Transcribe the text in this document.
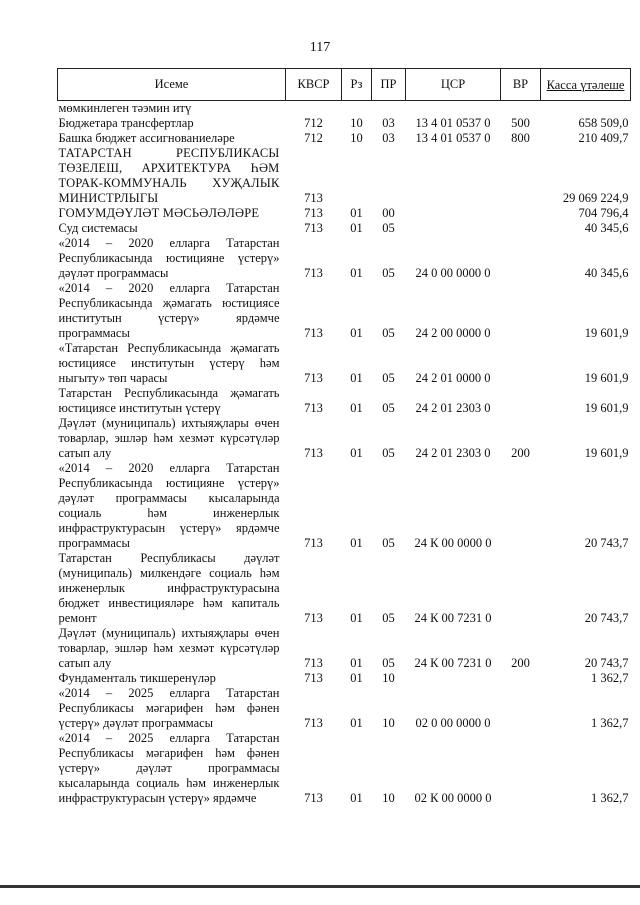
117
Исеме	КВСР	Рз	ПР	ЦСР	ВР	Касса үтәлеше
мөмкинлеген тәэмин итү						
Бюджетара трансфертлар	712	10	03	13 4 01 0537 0	500	658 509,0
Башка бюджет ассигнованиеләре	712	10	03	13 4 01 0537 0	800	210 409,7
ТАТАРСТАН РЕСПУБЛИКАСЫ ТӨЗЕЛЕШ, АРХИТЕКТУРА ҺӘМ ТОРАК-КОММУНАЛЬ ХУҖАЛЫК МИНИСТРЛЫГЫ	713					29 069 224,9
ГОМУМДӘҮЛӘТ МӘСЬӘЛӘЛӘРЕ	713	01	00			704 796,4
Суд системасы	713	01	05			40 345,6
«2014 – 2020 елларга Татарстан Республикасында юстицияне үстерү» дәүләт программасы	713	01	05	24 0 00 0000 0		40 345,6
«2014 – 2020 елларга Татарстан Республикасында җәмагать юстициясе институтын үстерү» ярдәмче программасы	713	01	05	24 2 00 0000 0		19 601,9
«Татарстан Республикасында җәмагать юстициясе институтын үстерү һәм ныгыту» төп чарасы	713	01	05	24 2 01 0000 0		19 601,9
Татарстан Республикасында җәмагать юстициясе институтын үстерү	713	01	05	24 2 01 2303 0		19 601,9
Дәүләт (муниципаль) ихтыяҗлары өчен товарлар, эшләр һәм хезмәт күрсәтүләр сатып алу	713	01	05	24 2 01 2303 0	200	19 601,9
«2014 – 2020 елларга Татарстан Республикасында юстицияне үстерү» дәүләт программасы кысаларында социаль һәм инженерлык инфраструктурасын үстерү» ярдәмче программасы	713	01	05	24 К 00 0000 0		20 743,7
Татарстан Республикасы дәүләт (муниципаль) милкендәге социаль һәм инженерлык инфраструктурасына бюджет инвестицияләре һәм капиталь ремонт	713	01	05	24 К 00 7231 0		20 743,7
Дәүләт (муниципаль) ихтыяҗлары өчен товарлар, эшләр һәм хезмәт күрсәтүләр сатып алу	713	01	05	24 К 00 7231 0	200	20 743,7
Фундаменталь тикшеренүләр	713	01	10			1 362,7
«2014 – 2025 елларга Татарстан Республикасы мәгарифен һәм фәнен үстерү» дәүләт программасы	713	01	10	02 0 00 0000 0		1 362,7
«2014 – 2025 елларга Татарстан Республикасы мәгарифен һәм фәнен үстерү» дәүләт программасы кысаларында социаль һәм инженерлык инфраструктурасын үстерү» ярдәмче	713	01	10	02 К 00 0000 0		1 362,7
